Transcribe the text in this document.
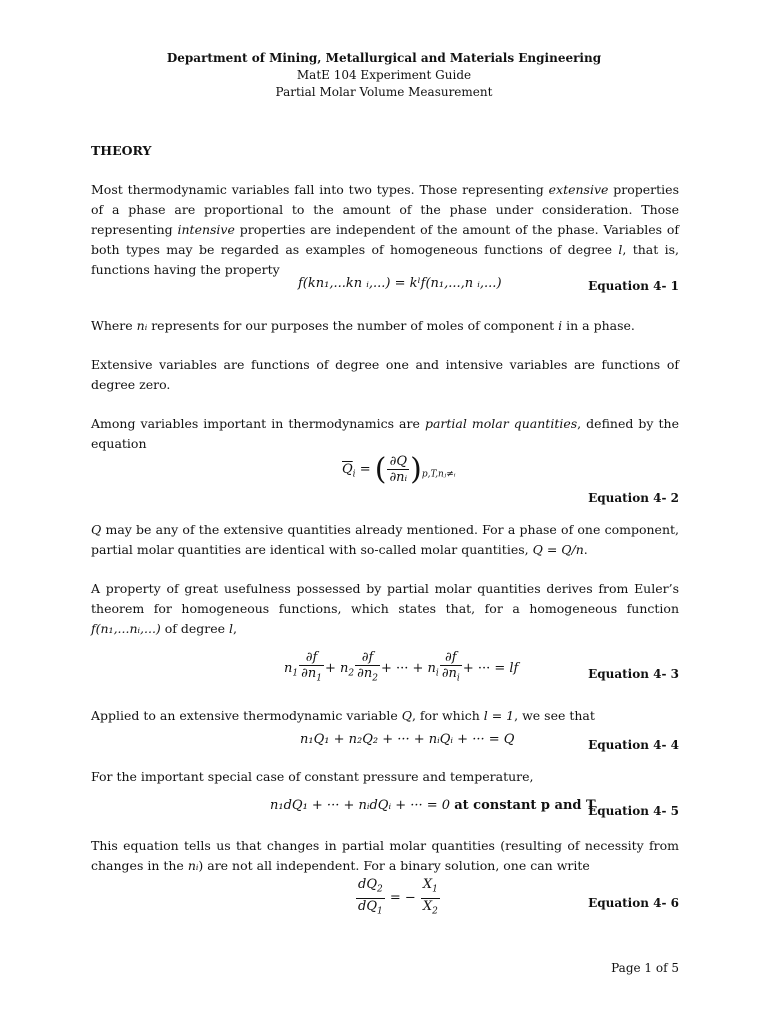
Department of Mining, Metallurgical and Materials Engineering
MatE 104 Experiment Guide
Partial Molar Volume Measurement
THEORY
Most thermodynamic variables fall into two types. Those representing extensive properties of a phase are proportional to the amount of the phase under consideration. Those representing intensive properties are independent of the amount of the phase. Variables of both types may be regarded as examples of homogeneous functions of degree l, that is, functions having the property
f(kn₁,...kn ᵢ,...) = kˡf(n₁,...,n ᵢ,...)	Equation 4- 1
Where nᵢ represents for our purposes the number of moles of component i in a phase.
Extensive variables are functions of degree one and intensive variables are functions of degree zero.
Among variables important in thermodynamics are partial molar quantities, defined by the equation
$\overline{Q}_i$ = ( $\frac{\partial Q}{\text{∂nᵢ}} )_{p,T,nⱼ\ne ᵢ}$
Equation 4- 2
Q may be any of the extensive quantities already mentioned. For a phase of one component, partial molar quantities are identical with so-called molar quantities, Q = Q/n.
A property of great usefulness possessed by partial molar quantities derives from Euler’s theorem for homogeneous functions, which states that, for a homogeneous function f(n₁,...nᵢ,...) of degree l,
$n_1 \frac{\partial f}{\partial n_1} + n_2 \frac{\partial f}{\partial n_2}$ + ··· + $n_i \frac{\partial f}{\partial n_i}$ + ··· = lf	Equation 4- 3
Applied to an extensive thermodynamic variable Q, for which l = 1, we see that
n₁Q₁ + n₂Q₂ + ··· + nᵢQᵢ + ··· = Q	Equation 4- 4
For the important special case of constant pressure and temperature,
n₁dQ₁ + ··· + nᵢdQᵢ + ··· = 0 at constant p and T
Equation 4- 5
This equation tells us that changes in partial molar quantities (resulting of necessity from changes in the nᵢ) are not all independent. For a binary solution, one can write
$\frac{dQ_2}{dQ_1}$ = − $\frac{X_1}{X_2}$	Equation 4- 6
Page 1 of 5
